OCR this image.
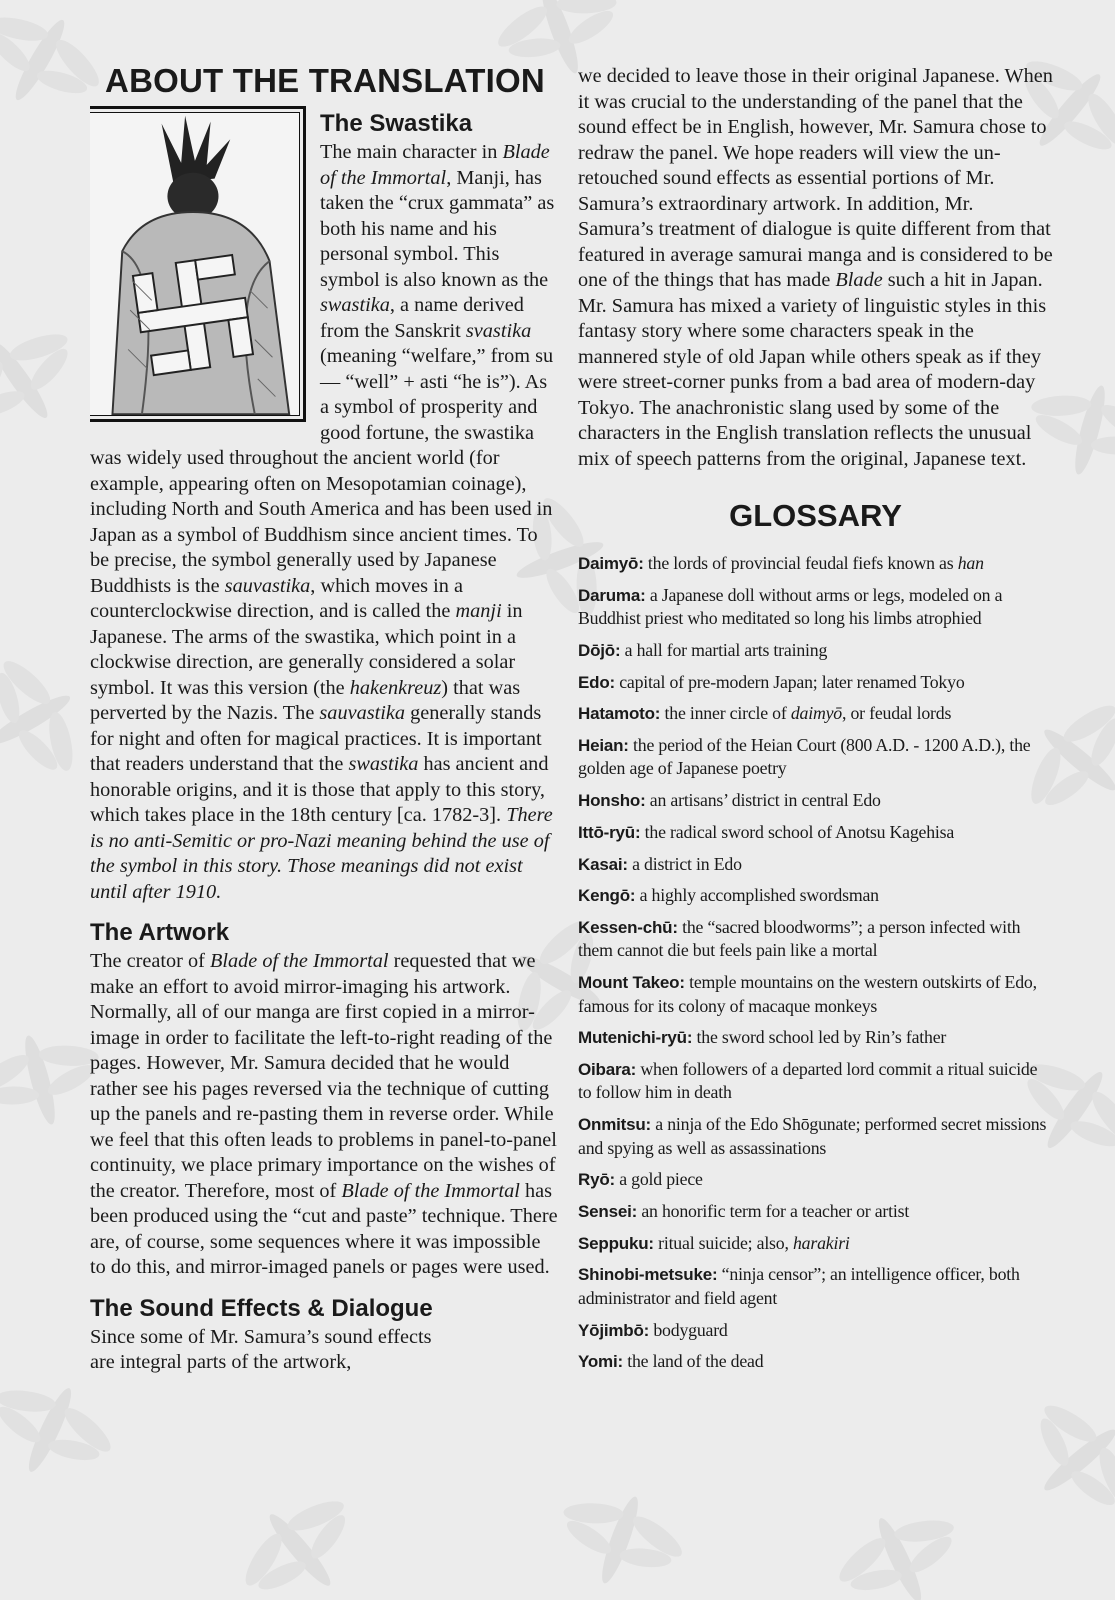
ABOUT THE TRANSLATION
The Swastika

The main character in Blade of the Immortal, Manji, has taken the “crux gammata” as both his name and his personal symbol. This symbol is also known as the swastika, a name derived from the Sanskrit svastika (meaning “welfare,” from su — “well” + asti “he is”). As a symbol of prosperity and good fortune, the swastika was widely used throughout the ancient world (for example, appearing often on Mesopotamian coinage), including North and South America and has been used in Japan as a symbol of Buddhism since ancient times. To be precise, the symbol generally used by Japanese Buddhists is the sauvastika, which moves in a counterclockwise direction, and is called the manji in Japanese. The arms of the swastika, which point in a clockwise direction, are generally considered a solar symbol. It was this version (the hakenkreuz) that was perverted by the Nazis. The sauvastika generally stands for night and often for magical practices. It is important that readers understand that the swastika has ancient and honorable origins, and it is those that apply to this story, which takes place in the 18th century [ca. 1782-3]. There is no anti-Semitic or pro-Nazi meaning behind the use of the symbol in this story. Those meanings did not exist until after 1910.

The Artwork

The creator of Blade of the Immortal requested that we make an effort to avoid mirror-imaging his artwork. Normally, all of our manga are first copied in a mirror-image in order to facilitate the left-to-right reading of the pages. However, Mr. Samura decided that he would rather see his pages reversed via the technique of cutting up the panels and re-pasting them in reverse order. While we feel that this often leads to problems in panel-to-panel continuity, we place primary importance on the wishes of the creator. Therefore, most of Blade of the Immortal has been produced using the “cut and paste” technique. There are, of course, some sequences where it was impossible to do this, and mirror-imaged panels or pages were used.

The Sound Effects & Dialogue

Since some of Mr. Samura’s sound effects are integral parts of the artwork,

we decided to leave those in their original Japanese. When it was crucial to the understanding of the panel that the sound effect be in English, however, Mr. Samura chose to redraw the panel. We hope readers will view the un-retouched sound effects as essential portions of Mr. Samura’s extraordinary artwork. In addition, Mr. Samura’s treatment of dialogue is quite different from that featured in average samurai manga and is considered to be one of the things that has made Blade such a hit in Japan. Mr. Samura has mixed a variety of linguistic styles in this fantasy story where some characters speak in the mannered style of old Japan while others speak as if they were street-corner punks from a bad area of modern-day Tokyo. The anachronistic slang used by some of the characters in the English translation reflects the unusual mix of speech patterns from the original, Japanese text.

GLOSSARY
Daimyō: the lords of provincial feudal fiefs known as han
Daruma: a Japanese doll without arms or legs, modeled on a Buddhist priest who meditated so long his limbs atrophied
Dōjō: a hall for martial arts training
Edo: capital of pre-modern Japan; later renamed Tokyo
Hatamoto: the inner circle of daimyō, or feudal lords
Heian: the period of the Heian Court (800 A.D. - 1200 A.D.), the golden age of Japanese poetry
Honsho: an artisans’ district in central Edo
Ittō-ryū: the radical sword school of Anotsu Kagehisa
Kasai: a district in Edo
Kengō: a highly accomplished swordsman
Kessen-chū: the “sacred bloodworms”; a person infected with them cannot die but feels pain like a mortal
Mount Takeo: temple mountains on the western outskirts of Edo, famous for its colony of macaque monkeys
Mutenichi-ryū: the sword school led by Rin’s father
Oibara: when followers of a departed lord commit a ritual suicide to follow him in death
Onmitsu: a ninja of the Edo Shōgunate; performed secret missions and spying as well as assassinations
Ryō: a gold piece
Sensei: an honorific term for a teacher or artist
Seppuku: ritual suicide; also, harakiri
Shinobi-metsuke: “ninja censor”; an intelligence officer, both administrator and field agent
Yōjimbō: bodyguard
Yomi: the land of the dead
